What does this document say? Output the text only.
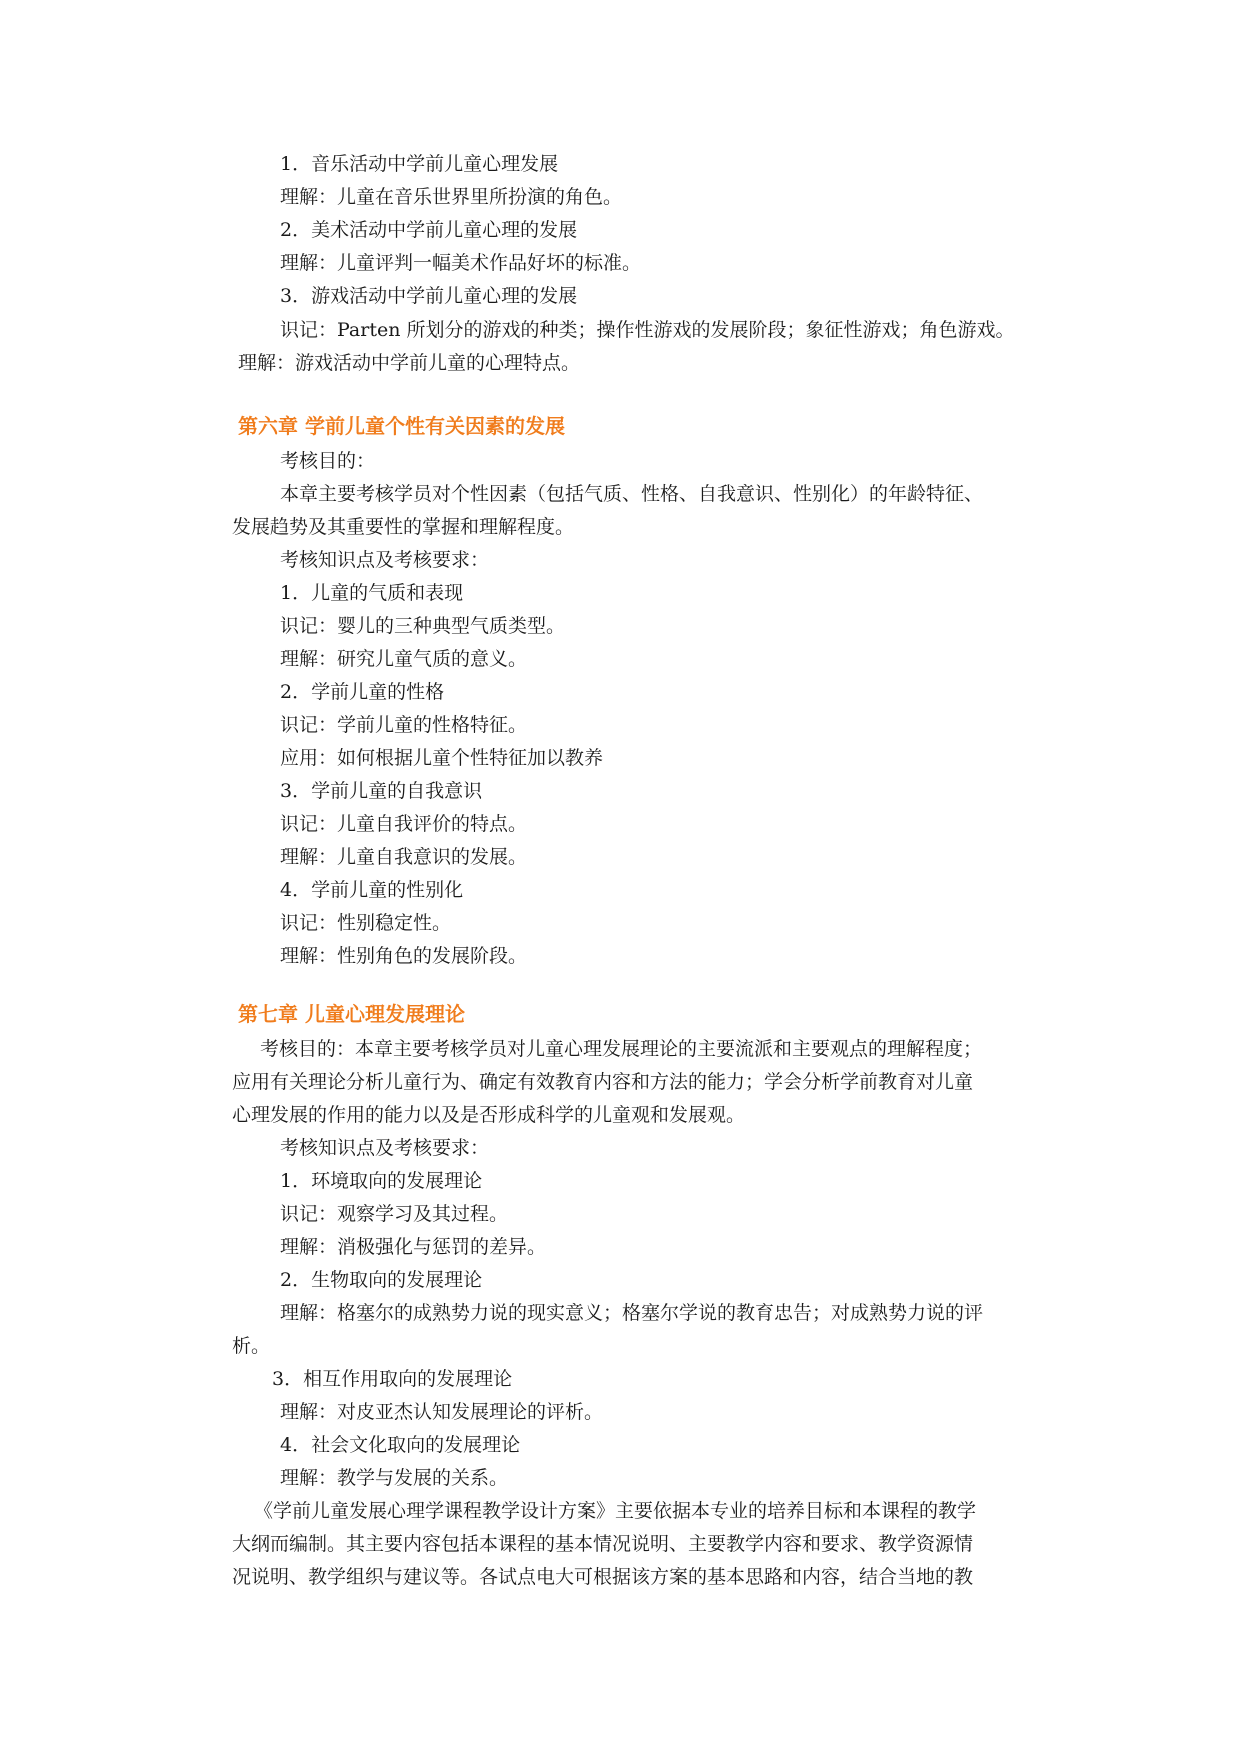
1．音乐活动中学前儿童心理发展
理解：儿童在音乐世界里所扮演的角色。
2．美术活动中学前儿童心理的发展
理解：儿童评判一幅美术作品好坏的标准。
3．游戏活动中学前儿童心理的发展
识记：Parten 所划分的游戏的种类；操作性游戏的发展阶段；象征性游戏；角色游戏。
理解：游戏活动中学前儿童的心理特点。
第六章 学前儿童个性有关因素的发展
考核目的：
本章主要考核学员对个性因素（包括气质、性格、自我意识、性别化）的年龄特征、
发展趋势及其重要性的掌握和理解程度。
考核知识点及考核要求：
1．儿童的气质和表现
识记：婴儿的三种典型气质类型。
理解：研究儿童气质的意义。
2．学前儿童的性格
识记：学前儿童的性格特征。
应用：如何根据儿童个性特征加以教养
3．学前儿童的自我意识
识记：儿童自我评价的特点。
理解：儿童自我意识的发展。
4．学前儿童的性别化
识记：性别稳定性。
理解：性别角色的发展阶段。
第七章 儿童心理发展理论
考核目的：本章主要考核学员对儿童心理发展理论的主要流派和主要观点的理解程度；
应用有关理论分析儿童行为、确定有效教育内容和方法的能力；学会分析学前教育对儿童
心理发展的作用的能力以及是否形成科学的儿童观和发展观。
考核知识点及考核要求：
1．环境取向的发展理论
识记：观察学习及其过程。
理解：消极强化与惩罚的差异。
2．生物取向的发展理论
理解：格塞尔的成熟势力说的现实意义；格塞尔学说的教育忠告；对成熟势力说的评
析。
3．相互作用取向的发展理论
理解：对皮亚杰认知发展理论的评析。
4．社会文化取向的发展理论
理解：教学与发展的关系。
《学前儿童发展心理学课程教学设计方案》主要依据本专业的培养目标和本课程的教学
大纲而编制。其主要内容包括本课程的基本情况说明、主要教学内容和要求、教学资源情
况说明、教学组织与建议等。各试点电大可根据该方案的基本思路和内容，结合当地的教
